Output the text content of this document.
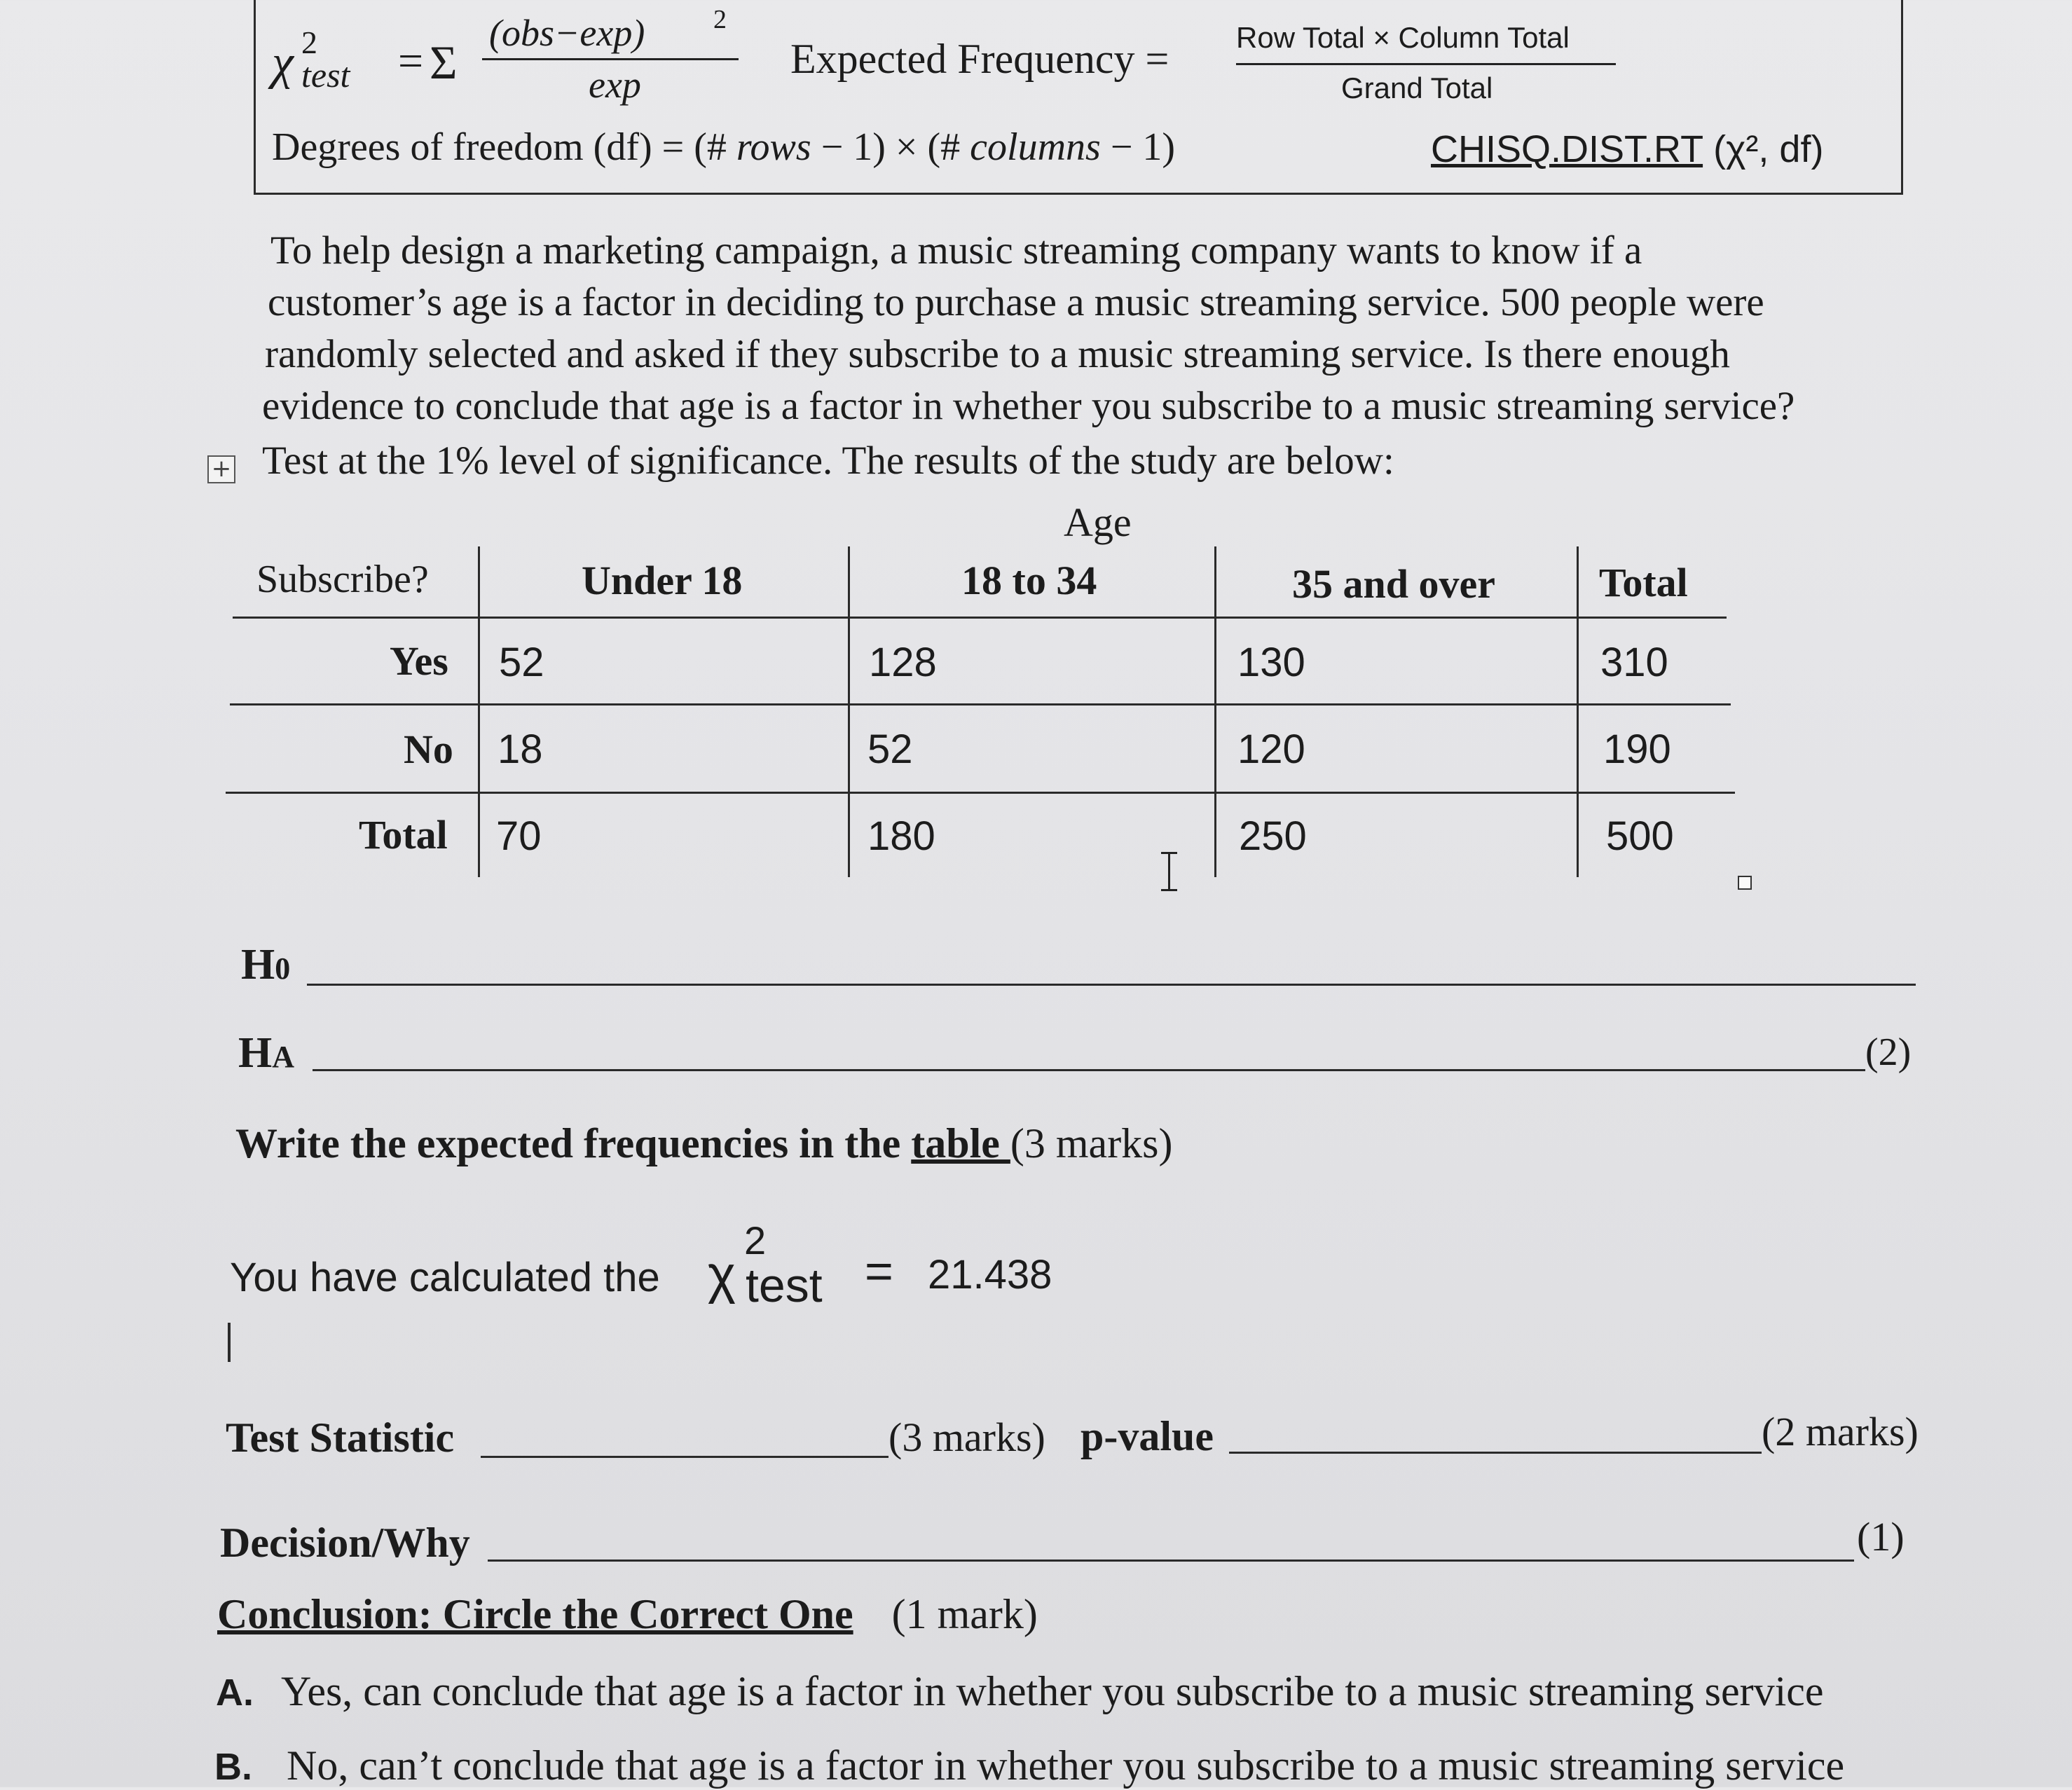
χ 2
test = Σ
(obs−exp)	2
exp
Expected Frequency = Row Total × Column Total
Grand Total
Degrees of freedom (df) = (# rows − 1) × (# columns − 1)	CHISQ.DIST.RT (χ², df)
To help design a marketing campaign, a music streaming company wants to know if a
customer’s age is a factor in deciding to purchase a music streaming service. 500 people were
randomly selected and asked if they subscribe to a music streaming service. Is there enough
evidence to conclude that age is a factor in whether you subscribe to a music streaming service?
Test at the 1% level of significance. The results of the study are below:
+
Age
Subscribe?	Under 18	18 to 34	35 and over	Total
Yes 52	128	130	310
No 18	52	120	190
Total 70	180	250	500
H0
HA	(2)
Write the expected frequencies in the table (3 marks)
You have calculated the χ
2
test = 21.438
Test Statistic	(3 marks) p-value	(2 marks)
Decision/Why	(1)
Conclusion: Circle the Correct One (1 mark)
A. Yes, can conclude that age is a factor in whether you subscribe to a music streaming service
B. No, can’t conclude that age is a factor in whether you subscribe to a music streaming service
